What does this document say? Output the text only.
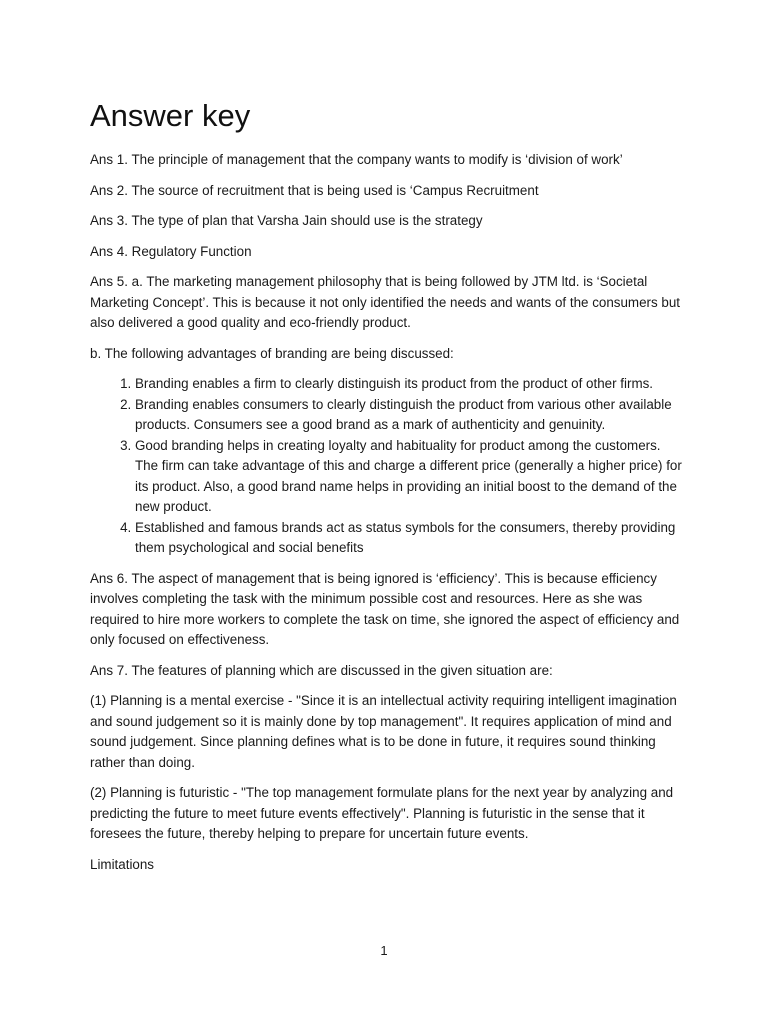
Answer key

Ans 1. The principle of management that the company wants to modify is ‘division of work’

Ans 2. The source of recruitment that is being used is ‘Campus Recruitment

Ans 3. The type of plan that Varsha Jain should use is the strategy

Ans 4. Regulatory Function

Ans 5. a. The marketing management philosophy that is being followed by JTM ltd. is ‘Societal Marketing Concept’. This is because it not only identified the needs and wants of the consumers but also delivered a good quality and eco-friendly product.

b. The following advantages of branding are being discussed:

1. Branding enables a firm to clearly distinguish its product from the product of other firms.
2. Branding enables consumers to clearly distinguish the product from various other available products. Consumers see a good brand as a mark of authenticity and genuinity.
3. Good branding helps in creating loyalty and habituality for product among the customers. The firm can take advantage of this and charge a different price (generally a higher price) for its product. Also, a good brand name helps in providing an initial boost to the demand of the new product.
4. Established and famous brands act as status symbols for the consumers, thereby providing them psychological and social benefits

Ans 6. The aspect of management that is being ignored is ‘efficiency’. This is because efficiency involves completing the task with the minimum possible cost and resources. Here as she was required to hire more workers to complete the task on time, she ignored the aspect of efficiency and only focused on effectiveness.

Ans 7. The features of planning which are discussed in the given situation are:

(1) Planning is a mental exercise - "Since it is an intellectual activity requiring intelligent imagination and sound judgement so it is mainly done by top management". It requires application of mind and sound judgement. Since planning defines what is to be done in future, it requires sound thinking rather than doing.

(2) Planning is futuristic - "The top management formulate plans for the next year by analyzing and predicting the future to meet future events effectively". Planning is futuristic in the sense that it foresees the future, thereby helping to prepare for uncertain future events.

Limitations

1
